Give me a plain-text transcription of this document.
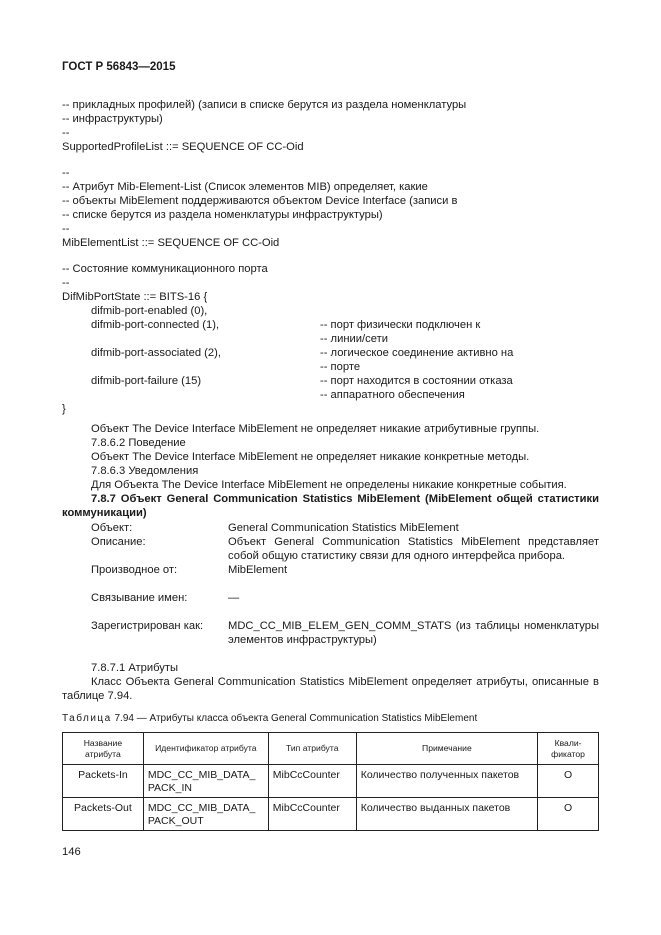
ГОСТ Р 56843—2015
-- прикладных профилей) (записи в списке берутся из раздела номенклатуры
-- инфраструктуры)
--
SupportedProfileList ::= SEQUENCE OF CC-Oid
--
-- Атрибут Mib-Element-List (Список элементов MIB) определяет, какие
-- объекты MibElement поддерживаются объектом Device Interface (записи в
-- списке берутся из раздела номенклатуры инфраструктуры)
--
MibElementList ::= SEQUENCE OF CC-Oid
-- Состояние коммуникационного порта
--
DifMibPortState ::= BITS-16 {
difmib-port-enabled (0),
difmib-port-connected (1),	-- порт физически подключен к
-- линии/сети
difmib-port-associated (2),	-- логическое соединение активно на
-- порте
difmib-port-failure (15)	-- порт находится в состоянии отказа
-- аппаратного обеспечения
}
Объект The Device Interface MibElement не определяет никакие атрибутивные группы.
7.8.6.2 Поведение
Объект The Device Interface MibElement не определяет никакие конкретные методы.
7.8.6.3 Уведомления
Для Объекта The Device Interface MibElement не определены никакие конкретные события.
7.8.7 Объект General Communication Statistics MibElement (MibElement общей статистики коммуникации)
Объект:	General Communication Statistics MibElement
Описание:	Объект General Communication Statistics MibElement представляет собой общую статистику связи для одного интерфейса прибора.
Производное от:	MibElement
Связывание имен:	—
Зарегистрирован как:	MDC_CC_MIB_ELEM_GEN_COMM_STATS (из таблицы номенклатуры элементов инфраструктуры)
7.8.7.1 Атрибуты
Класс Объекта General Communication Statistics MibElement определяет атрибуты, описанные в таблице 7.94.
Таблица 7.94 — Атрибуты класса объекта General Communication Statistics MibElement
Название атрибута	Идентификатор атрибута	Тип атрибута	Примечание	Квали-фикатор
Packets-In	MDC_CC_MIB_DATA_ PACK_IN	MibCcCounter	Количество полученных пакетов	O
Packets-Out	MDC_CC_MIB_DATA_ PACK_OUT	MibCcCounter	Количество выданных пакетов	O
146
